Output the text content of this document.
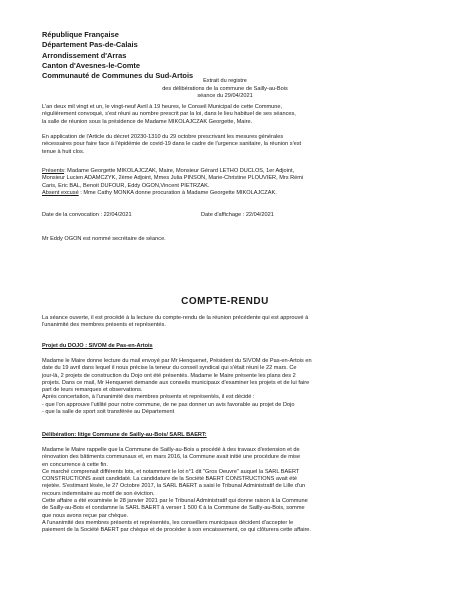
République Française
Département Pas-de-Calais
Arrondissement d'Arras
Canton d'Avesnes-le-Comte
Communauté de Communes du Sud-Artois
Extrait du registre
des délibérations de la commune de Sailly-au-Bois
séance du 29/04/2021

L'an deux mil vingt et un, le vingt-neuf Avril à 19 heures, le Conseil Municipal de cette Commune,

régulièrement convoqué, s'est réuni au nombre prescrit par la loi, dans le lieu habituel de ses séances,

la salle de réunion sous la présidence de Madame MIKOLAJCZAK Georgette, Maire.

En application de l'Article du décret 20230-1310 du 29 octobre prescrivant les mesures générales

nécessaires pour faire face à l'épidémie de covid-19 dans le cadre de l'urgence sanitaire, la réunion s'est

tenue à huit clos.

Présents: Madame Georgette MIKOLAJCZAK, Maire, Monsieur Gérard LETHO DUCLOS, 1er Adjoint,

Monsieur Lucien ADAMCZYK, 2ème Adjoint, Mmes Julia PINSON, Marie-Christine PLOUVIER, Mrs Rémi

Caris, Eric BAL, Benoit DUFOUR, Eddy OGON,Vincent PIETRZAK.

Absent excusé : Mme Cathy MONKA donne procuration à Madame Georgette MIKOLAJCZAK.

Date de la convocation : 22/04/2021	Date d'affichage : 22/04/2021
Mr Eddy OGON est nommé secrétaire de séance.
COMPTE-RENDU

La séance ouverte, il est procédé à la lecture du compte-rendu de la réunion précédente qui est approuvé à

l'unanimité des membres présents et représentés.

Projet du DOJO : SIVOM de Pas-en-Artois

Madame le Maire donne lecture du mail envoyé par Mr Henquenet, Président du SIVOM de Pas-en-Artois en

date du 19 avril dans lequel il nous précise la teneur du conseil syndical qui s'était réuni le 22 mars. Ce

jour-là, 2 projets de construction du Dojo ont été présentés. Madame le Maire présente les plans des 2

projets. Dans ce mail, Mr Henquenet demande aux conseils municipaux d'examiner les projets et de lui faire

part de leurs remarques et observations.

Après concertation, à l'unanimité des membres présents et représentés, il est décidé :

- que l'on approuve l'utilité pour notre commune, de ne pas donner un avis favorable au projet de Dojo

- que la salle de sport soit transférée au Département

Délibération: litige Commune de Sailly-au-Bois/ SARL BAERT:

Madame le Maire rappelle que la Commune de Sailly-au-Bois a procédé à des travaux d'extension et de

rénovation des bâtiments communaux et, en mars 2016, la Commune avait initié une procédure de mise

en concurrence à cette fin.

Ce marché comprenait différents lots, et notamment le lot n°1 dit "Gros Oeuvre" auquel la SARL BAERT

CONSTRUCTIONS avait candidaté. La candidature de la Société BAERT CONSTRUCTIONS avait été

rejetée. S'estimant lésée, le 27 Octobre 2017, la SARL BAERT a saisi le Tribunal Administratif de Lille d'un

recours indemnitaire au motif de son éviction.

Cette affaire a été examinée le 28 janvier 2021 par le Tribunal Administratif qui donne raison à la Commune

de Sailly-au-Bois et condamne la SARL BAERT à verser 1 500 € à la Commune de Sailly-au-Bois, somme

que nous avons reçue par chèque.

A l'unanimité des membres présents et représentés, les conseillers municipaux décident d'accepter le

paiement de la Société BAERT par chèque et de procéder à son encaissement, ce qui clôturera cette affaire.
